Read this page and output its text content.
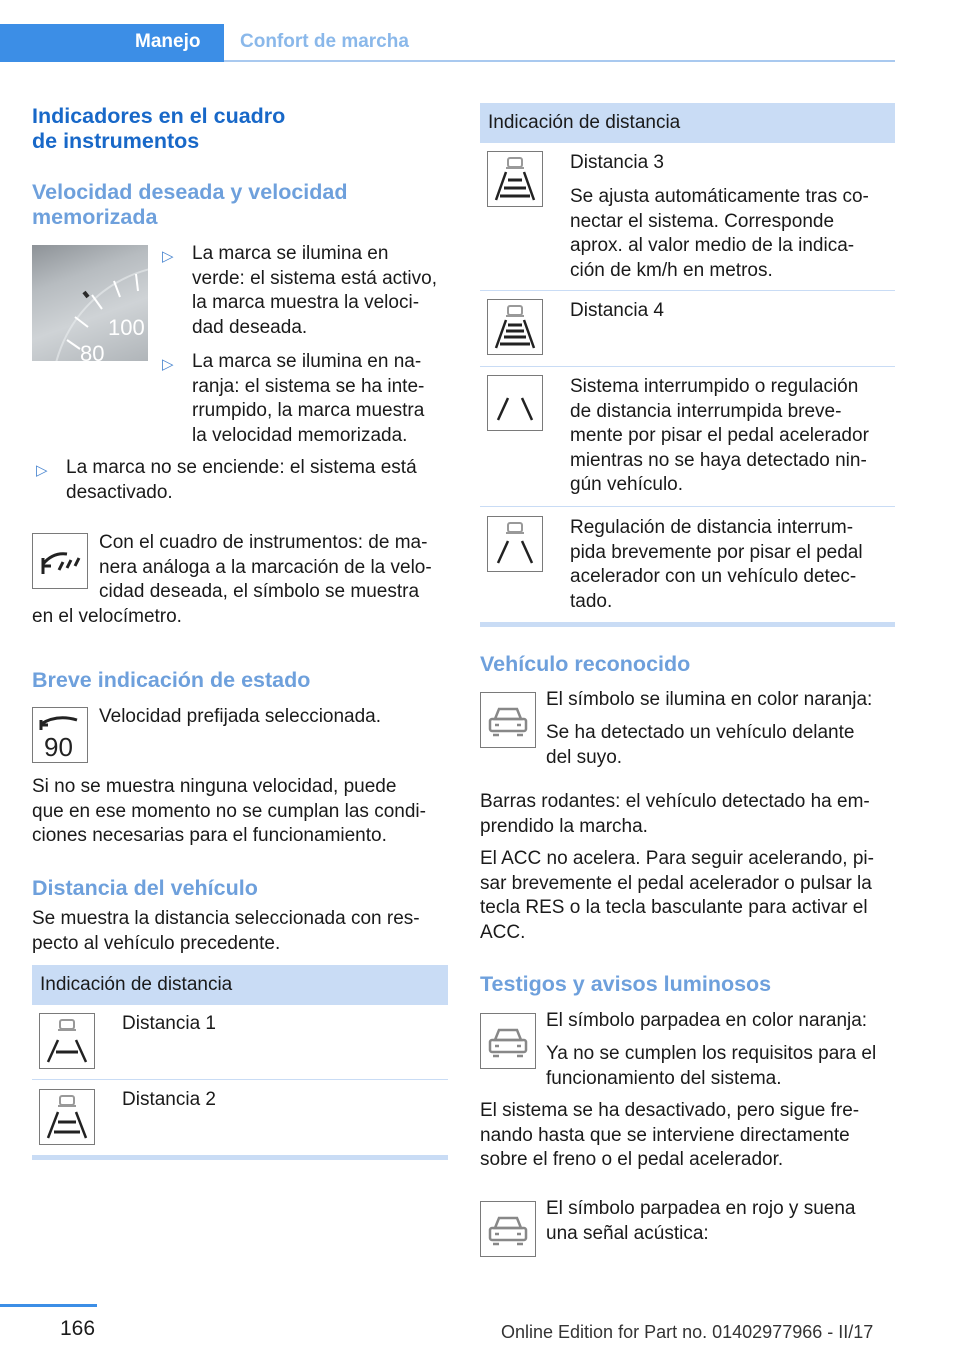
Manejo Confort de marcha
Indicadores en el cuadro
de instrumentos
Velocidad deseada y velocidad
memorizada
100
80
▷ La marca se ilumina en
verde: el sistema está activo,
la marca muestra la veloci-
dad deseada.
▷ La marca se ilumina en na-
ranja: el sistema se ha inte-
rrumpido, la marca muestra
la velocidad memorizada.
▷ La marca no se enciende: el sistema está
desactivado.
Con el cuadro de instrumentos: de ma-
nera análoga a la marcación de la velo-
cidad deseada, el símbolo se muestra
en el velocímetro.
Breve indicación de estado
90
Velocidad prefijada seleccionada.
Si no se muestra ninguna velocidad, puede
que en ese momento no se cumplan las condi-
ciones necesarias para el funcionamiento.
Distancia del vehículo
Se muestra la distancia seleccionada con res-
pecto al vehículo precedente.
Indicación de distancia
Distancia 1
Distancia 2
Indicación de distancia
Distancia 3
Se ajusta automáticamente tras co-
nectar el sistema. Corresponde
aprox. al valor medio de la indica-
ción de km/h en metros.
Distancia 4
Sistema interrumpido o regulación
de distancia interrumpida breve-
mente por pisar el pedal acelerador
mientras no se haya detectado nin-
gún vehículo.
Regulación de distancia interrum-
pida brevemente por pisar el pedal
acelerador con un vehículo detec-
tado.
Vehículo reconocido
El símbolo se ilumina en color naranja:
Se ha detectado un vehículo delante
del suyo.
Barras rodantes: el vehículo detectado ha em-
prendido la marcha.
El ACC no acelera. Para seguir acelerando, pi-
sar brevemente el pedal acelerador o pulsar la
tecla RES o la tecla basculante para activar el
ACC.
Testigos y avisos luminosos
El símbolo parpadea en color naranja:
Ya no se cumplen los requisitos para el
funcionamiento del sistema.
El sistema se ha desactivado, pero sigue fre-
nando hasta que se interviene directamente
sobre el freno o el pedal acelerador.
El símbolo parpadea en rojo y suena
una señal acústica:
166	Online Edition for Part no. 01402977966 - II/17
